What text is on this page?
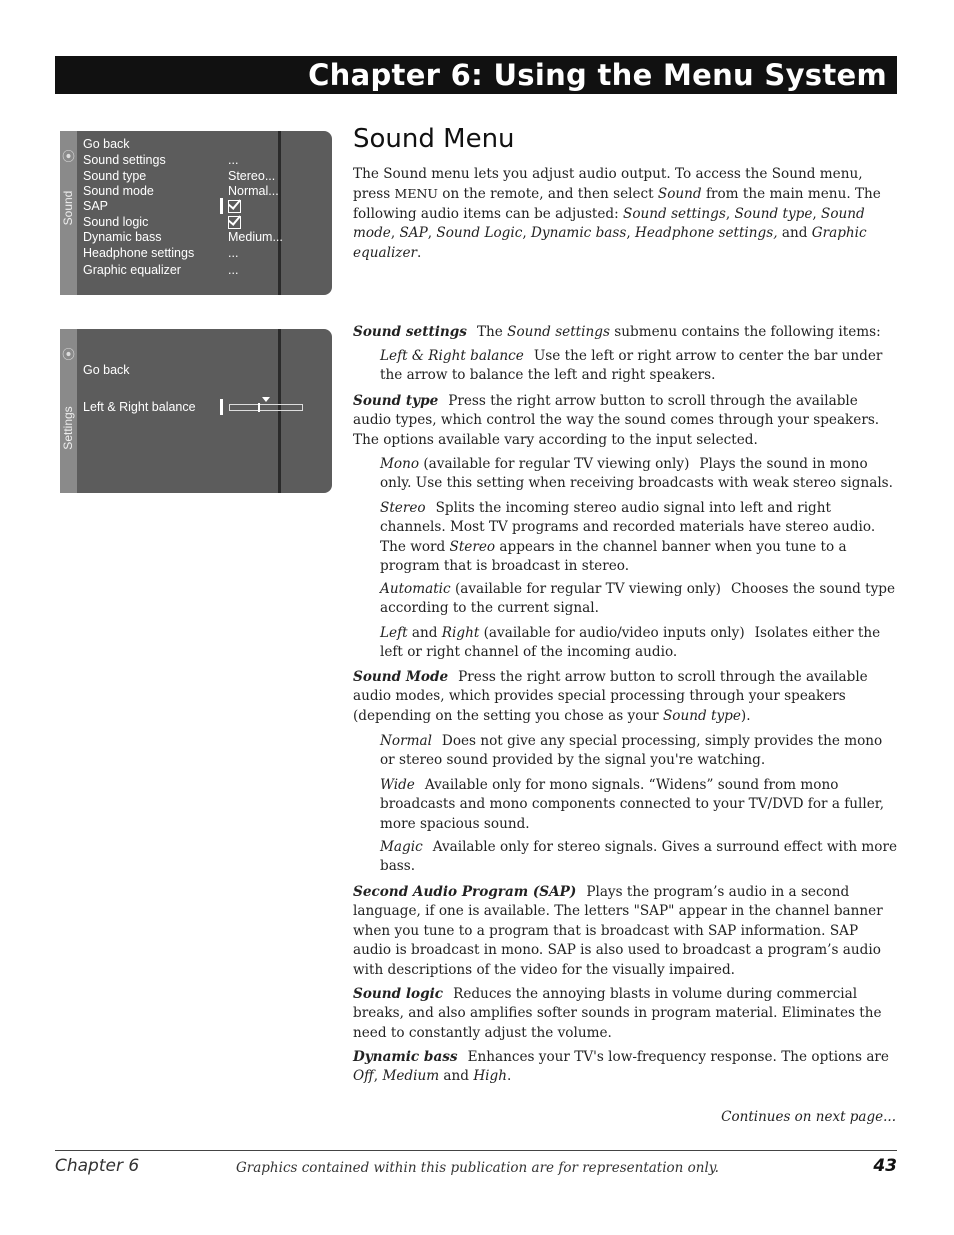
Chapter 6: Using the Menu System
⦿
Sound
Go back
Sound settings	...
Sound type	Stereo...
Sound mode	Normal...
SAP
Sound logic
Dynamic bass	Medium...
Headphone settings	...
Graphic equalizer	...
⦿
Settings
Go back
Left & Right balance
Sound Menu

The Sound menu lets you adjust audio output. To access the Sound menu, press MENU on the remote, and then select Sound from the main menu. The following audio items can be adjusted: Sound settings, Sound type, Sound mode, SAP, Sound Logic, Dynamic bass, Headphone settings, and Graphic equalizer.

Sound settings The Sound settings submenu contains the following items:

Left & Right balance Use the left or right arrow to center the bar under the arrow to balance the left and right speakers.

Sound type Press the right arrow button to scroll through the available audio types, which control the way the sound comes through your speakers. The options available vary according to the input selected.

Mono (available for regular TV viewing only) Plays the sound in mono only. Use this setting when receiving broadcasts with weak stereo signals.

Stereo Splits the incoming stereo audio signal into left and right channels. Most TV programs and recorded materials have stereo audio. The word Stereo appears in the channel banner when you tune to a program that is broadcast in stereo.

Automatic (available for regular TV viewing only) Chooses the sound type according to the current signal.

Left and Right (available for audio/video inputs only) Isolates either the left or right channel of the incoming audio.

Sound Mode Press the right arrow button to scroll through the available audio modes, which provides special processing through your speakers (depending on the setting you chose as your Sound type).

Normal Does not give any special processing, simply provides the mono or stereo sound provided by the signal you're watching.

Wide Available only for mono signals. “Widens” sound from mono broadcasts and mono components connected to your TV/DVD for a fuller, more spacious sound.

Magic Available only for stereo signals. Gives a surround effect with more bass.

Second Audio Program (SAP) Plays the program’s audio in a second language, if one is available. The letters "SAP" appear in the channel banner when you tune to a program that is broadcast with SAP information. SAP audio is broadcast in mono. SAP is also used to broadcast a program’s audio with descriptions of the video for the visually impaired.

Sound logic Reduces the annoying blasts in volume during commercial breaks, and also amplifies softer sounds in program material. Eliminates the need to constantly adjust the volume.

Dynamic bass Enhances your TV's low-frequency response. The options are Off, Medium and High.

Continues on next page...
Chapter 6	Graphics contained within this publication are for representation only.	43
